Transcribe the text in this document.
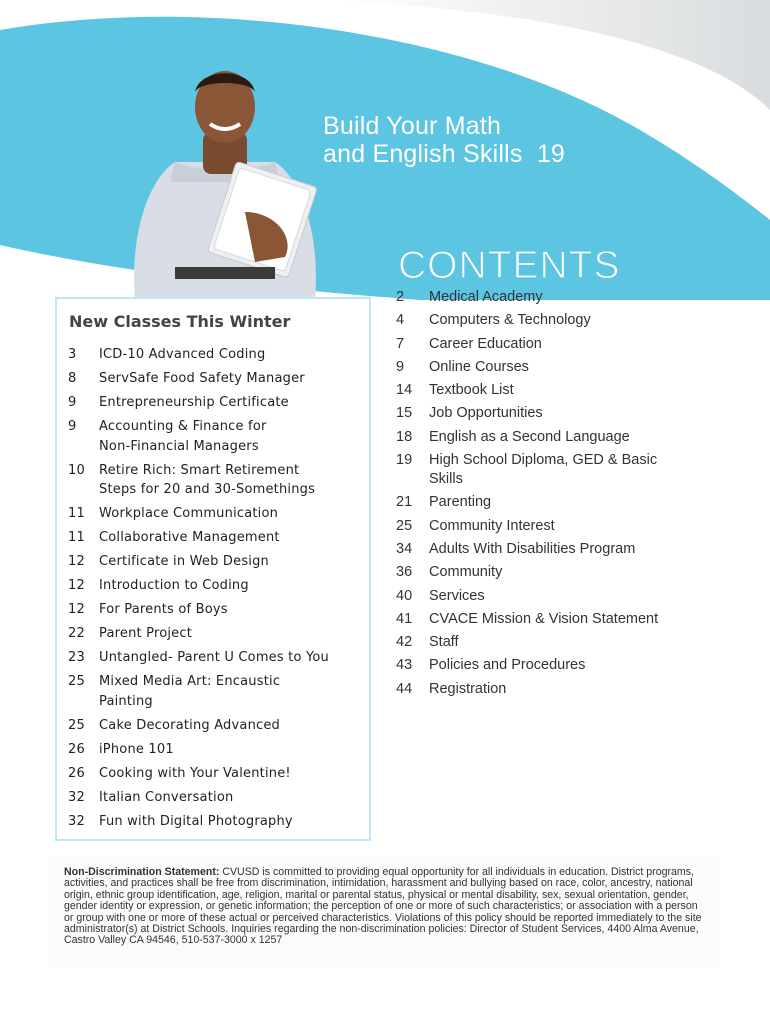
Build Your Math
and English Skills  19
CONTENTS
2	Medical Academy
4	Computers & Technology
7	Career Education
9	Online Courses
14	Textbook List
15	Job Opportunities
18	English as a Second Language
19	High School Diploma, GED & Basic Skills
21	Parenting
25	Community Interest
34	Adults With Disabilities Program
36	Community
40	Services
41	CVACE Mission & Vision Statement
42	Staff
43	Policies and Procedures
44	Registration
New Classes This Winter
3	ICD-10 Advanced Coding
8	ServSafe Food Safety Manager
9	Entrepreneurship Certificate
9	Accounting & Finance for Non-Financial Managers
10	Retire Rich: Smart Retirement Steps for 20 and 30-Somethings
11	Workplace Communication
11	Collaborative Management
12	Certificate in Web Design
12	Introduction to Coding
12	For Parents of Boys
22	Parent Project
23	Untangled- Parent U Comes to You
25	Mixed Media Art: Encaustic Painting
25	Cake Decorating Advanced
26	iPhone 101
26	Cooking with Your Valentine!
32	Italian Conversation
32	Fun with Digital Photography
Non-Discrimination Statement: CVUSD is committed to providing equal opportunity for all individuals in education. District programs, activities, and practices shall be free from discrimination, intimidation, harassment and bullying based on race, color, ancestry, national origin, ethnic group identification, age, religion, marital or parental status, physical or mental disability, sex, sexual orientation, gender, gender identity or expression, or genetic information; the perception of one or more of such characteristics; or association with a person or group with one or more of these actual or perceived characteristics. Violations of this policy should be reported immediately to the site administrator(s) at District Schools. Inquiries regarding the non-discrimination policies: Director of Student Services, 4400 Alma Avenue, Castro Valley CA 94546, 510-537-3000 x 1257
